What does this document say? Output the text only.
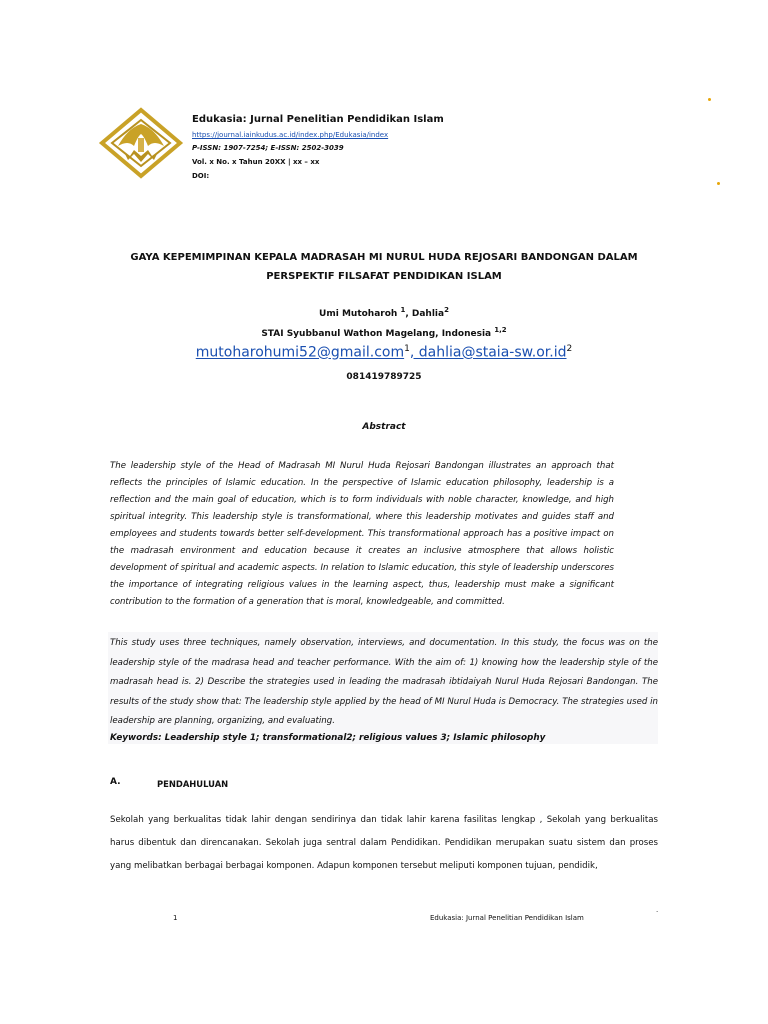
Edukasia: Jurnal Penelitian Pendidikan Islam
https://journal.iainkudus.ac.id/index.php/Edukasia/index
P-ISSN: 1907-7254; E-ISSN: 2502-3039
Vol. x No. x Tahun 20XX | xx – xx
DOI:
GAYA KEPEMIMPINAN KEPALA MADRASAH MI NURUL HUDA REJOSARI BANDONGAN DALAM
PERSPEKTIF FILSAFAT PENDIDIKAN ISLAM
Umi Mutoharoh $^1$, Dahlia$^2$
STAI Syubbanul Wathon Magelang, Indonesia $^{1,2}$
mutoharohumi52@gmail.com$^1$, $dahlia@staia-sw.or.id^2$
081419789725
Abstract
The leadership style of the Head of Madrasah MI Nurul Huda Rejosari Bandongan illustrates an approach that reflects the principles of Islamic education. In the perspective of Islamic education philosophy, leadership is a reflection and the main goal of education, which is to form individuals with noble character, knowledge, and high spiritual integrity. This leadership style is transformational, where this leadership motivates and guides staff and employees and students towards better self-development. This transformational approach has a positive impact on the madrasah environment and education because it creates an inclusive atmosphere that allows holistic development of spiritual and academic aspects. In relation to Islamic education, this style of leadership underscores the importance of integrating religious values in the learning aspect, thus, leadership must make a significant contribution to the formation of a generation that is moral, knowledgeable, and committed.
This study uses three techniques, namely observation, interviews, and documentation. In this study, the focus was on the leadership style of the madrasa head and teacher performance. With the aim of: 1) knowing how the leadership style of the madrasah head is. 2) Describe the strategies used in leading the madrasah ibtidaiyah Nurul Huda Rejosari Bandongan. The results of the study show that: The leadership style applied by the head of MI Nurul Huda is Democracy. The strategies used in leadership are planning, organizing, and evaluating.
Keywords: Leadership style 1; transformational2; religious values 3; Islamic philosophy
A.	PENDAHULUAN
Sekolah yang berkualitas tidak lahir dengan sendirinya dan tidak lahir karena fasilitas lengkap , Sekolah yang berkualitas harus dibentuk dan direncanakan. Sekolah juga sentral dalam Pendidikan. Pendidikan merupakan suatu sistem dan proses yang melibatkan berbagai berbagai komponen. Adapun komponen tersebut meliputi komponen tujuan, pendidik,
1	Edukasia: Jurnal Penelitian Pendidikan Islam
.
